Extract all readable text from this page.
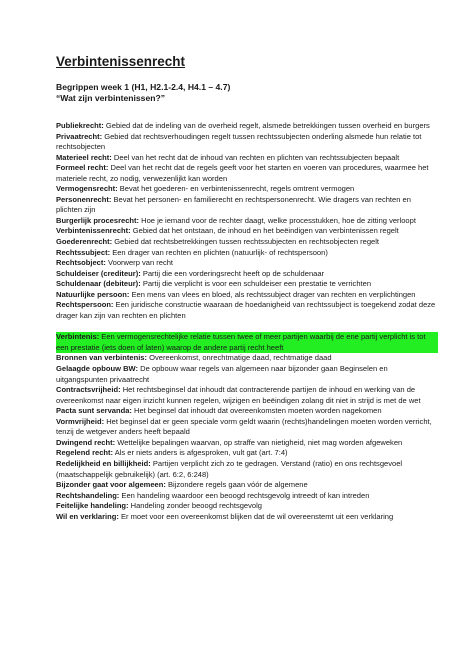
Verbintenissenrecht

Begrippen week 1 (H1, H2.1-2.4, H4.1 – 4.7)

“Wat zijn verbintenissen?”

Publiekrecht: Gebied dat de indeling van de overheid regelt, alsmede betrekkingen tussen overheid en burgers

Privaatrecht: Gebied dat rechtsverhoudingen regelt tussen rechtssubjecten onderling alsmede hun relatie tot rechtsobjecten

Materieel recht: Deel van het recht dat de inhoud van rechten en plichten van rechtssubjecten bepaalt

Formeel recht: Deel van het recht dat de regels geeft voor het starten en voeren van procedures, waarmee het materiele recht, zo nodig, verwezenlijkt kan worden

Vermogensrecht: Bevat het goederen- en verbintenissenrecht, regels omtrent vermogen

Personenrecht: Bevat het personen- en familierecht en rechtspersonenrecht. Wie dragers van rechten en plichten zijn

Burgerlijk procesrecht: Hoe je iemand voor de rechter daagt, welke processtukken, hoe de zitting verloopt

Verbintenissenrecht: Gebied dat het ontstaan, de inhoud en het beëindigen van verbintenissen regelt

Goederenrecht: Gebied dat rechtsbetrekkingen tussen rechtssubjecten en rechtsobjecten regelt

Rechtssubject: Een drager van rechten en plichten (natuurlijk- of rechtspersoon)

Rechtsobject: Voorwerp van recht

Schuldeiser (crediteur): Partij die een vorderingsrecht heeft op de schuldenaar

Schuldenaar (debiteur): Partij die verplicht is voor een schuldeiser een prestatie te verrichten

Natuurlijke persoon: Een mens van vlees en bloed, als rechtssubject drager van rechten en verplichtingen

Rechtspersoon: Een juridische constructie waaraan de hoedanigheid van rechtssubject is toegekend zodat deze drager kan zijn van rechten en plichten

Verbintenis: Een vermogensrechtelijke relatie tussen twee of meer partijen waarbij de ene partij verplicht is tot een prestatie (iets doen of laten) waarop de andere partij recht heeft

Bronnen van verbintenis: Overeenkomst, onrechtmatige daad, rechtmatige daad

Gelaagde opbouw BW: De opbouw waar regels van algemeen naar bijzonder gaan Beginselen en uitgangspunten privaatrecht

Contractsvrijheid: Het rechtsbeginsel dat inhoudt dat contracterende partijen de inhoud en werking van de overeenkomst naar eigen inzicht kunnen regelen, wijzigen en beëindigen zolang dit niet in strijd is met de wet

Pacta sunt servanda: Het beginsel dat inhoudt dat overeenkomsten moeten worden nagekomen

Vormvrijheid: Het beginsel dat er geen speciale vorm geldt waarin (rechts)handelingen moeten worden verricht, tenzij de wetgever anders heeft bepaald

Dwingend recht: Wettelijke bepalingen waarvan, op straffe van nietigheid, niet mag worden afgeweken

Regelend recht: Als er niets anders is afgesproken, vult gat (art. 7:4)

Redelijkheid en billijkheid: Partijen verplicht zich zo te gedragen. Verstand (ratio) en ons rechtsgevoel (maatschappelijk gebruikelijk) (art. 6:2, 6:248)

Bijzonder gaat voor algemeen: Bijzondere regels gaan vóór de algemene

Rechtshandeling: Een handeling waardoor een beoogd rechtsgevolg intreedt of kan intreden

Feitelijke handeling: Handeling zonder beoogd rechtsgevolg

Wil en verklaring: Er moet voor een overeenkomst blijken dat de wil overeenstemt uit een verklaring
